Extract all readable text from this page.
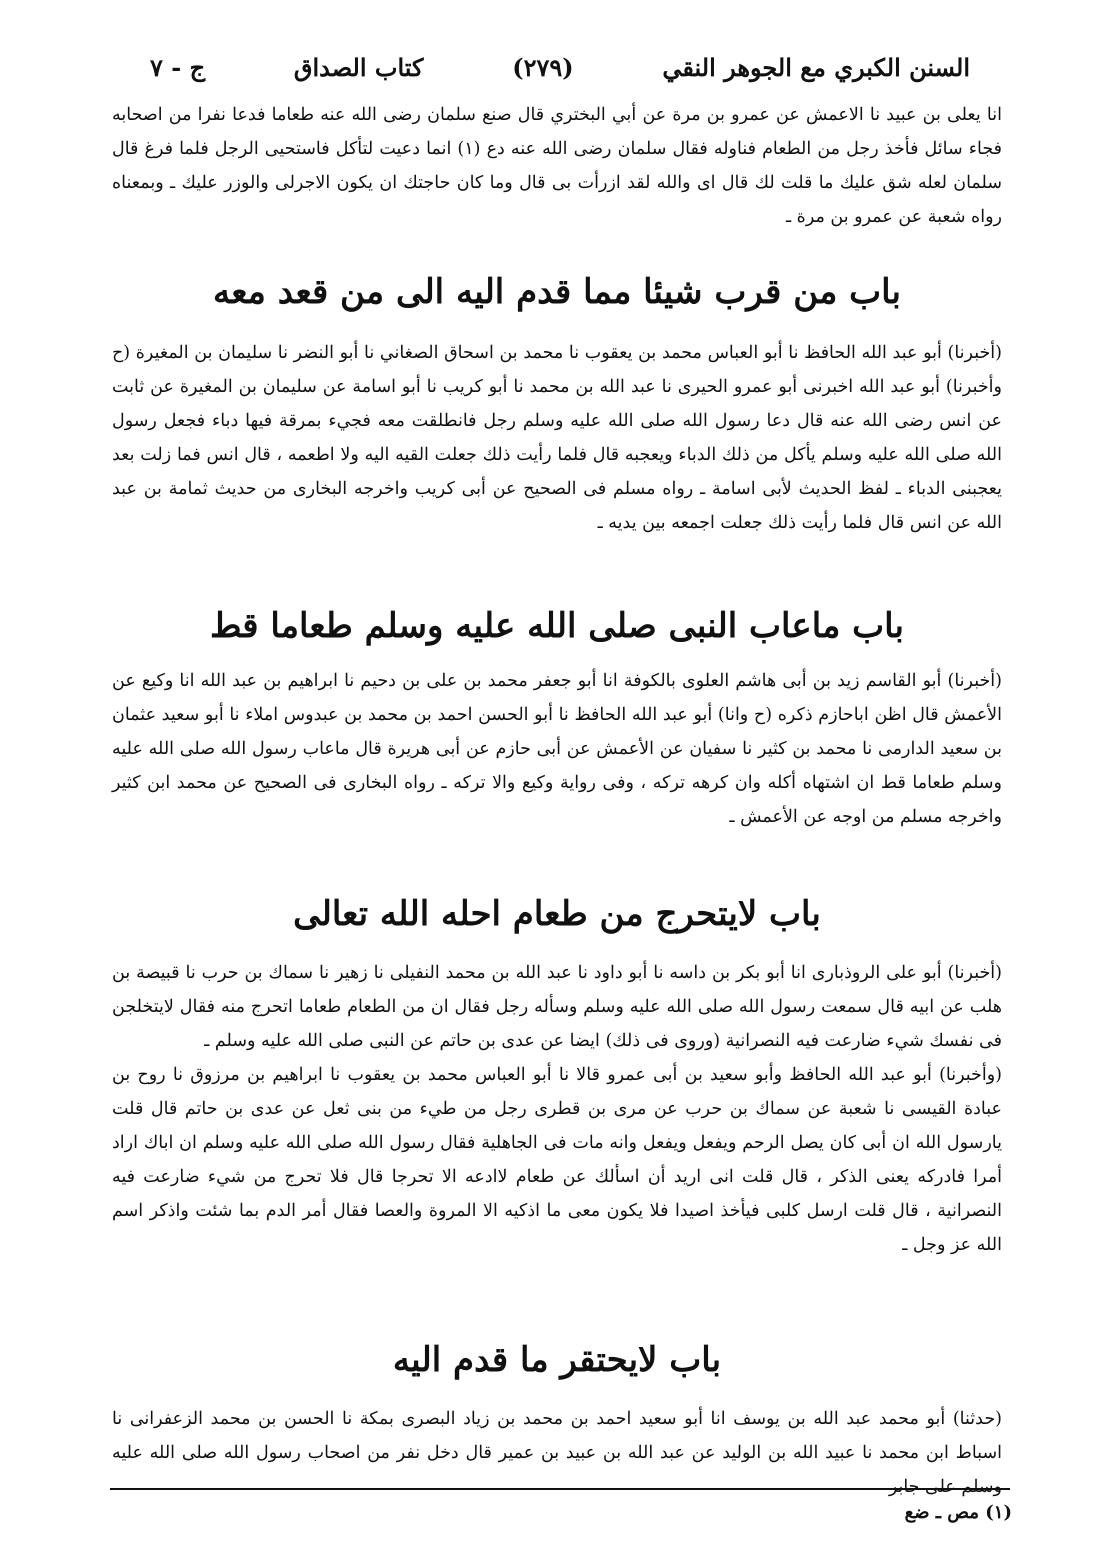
السنن الكبري مع الجوهر النقي
(٢٧٩)
كتاب الصداق
ج - ٧

انا يعلى بن عبيد نا الاعمش عن عمرو بن مرة عن أبي البختري قال صنع سلمان رضى الله عنه طعاما فدعا نفرا من اصحابه فجاء سائل فأخذ رجل من الطعام فناوله فقال سلمان رضى الله عنه دع (١) انما دعيت لتأكل فاستحيى الرجل فلما فرغ قال سلمان لعله شق عليك ما قلت لك قال اى والله لقد ازرأت بى قال وما كان حاجتك ان يكون الاجرلى والوزر عليك ـ وبمعناه رواه شعبة عن عمرو بن مرة ـ

باب من قرب شيئا مما قدم اليه الى من قعد معه

(أخبرنا) أبو عبد الله الحافظ نا أبو العباس محمد بن يعقوب نا محمد بن اسحاق الصغاني نا أبو النضر نا سليمان بن المغيرة (ح وأخبرنا) أبو عبد الله اخبرنى أبو عمرو الحيرى نا عبد الله بن محمد نا أبو كريب نا أبو اسامة عن سليمان بن المغيرة عن ثابت عن انس رضى الله عنه قال دعا رسول الله صلى الله عليه وسلم رجل فانطلقت معه فجيء بمرقة فيها دباء فجعل رسول الله صلى الله عليه وسلم يأكل من ذلك الدباء ويعجبه قال فلما رأيت ذلك جعلت القيه اليه ولا اطعمه ، قال انس فما زلت بعد يعجبنى الدباء ـ لفظ الحديث لأبى اسامة ـ رواه مسلم فى الصحيح عن أبى كريب واخرجه البخارى من حديث ثمامة بن عبد الله عن انس قال فلما رأيت ذلك جعلت اجمعه بين يديه ـ

باب ماعاب النبى صلى الله عليه وسلم طعاما قط

(أخبرنا) أبو القاسم زيد بن أبى هاشم العلوى بالكوفة انا أبو جعفر محمد بن على بن دحيم نا ابراهيم بن عبد الله انا وكيع عن الأعمش قال اظن اباحازم ذكره (ح وانا) أبو عبد الله الحافظ نا أبو الحسن احمد بن محمد بن عبدوس املاء نا أبو سعيد عثمان بن سعيد الدارمى نا محمد بن كثير نا سفيان عن الأعمش عن أبى حازم عن أبى هريرة قال ماعاب رسول الله صلى الله عليه وسلم طعاما قط ان اشتهاه أكله وان كرهه تركه ، وفى رواية وكيع والا تركه ـ رواه البخارى فى الصحيح عن محمد ابن كثير واخرجه مسلم من اوجه عن الأعمش ـ

باب لايتحرج من طعام احله الله تعالى

(أخبرنا) أبو على الروذبارى انا أبو بكر بن داسه نا أبو داود نا عبد الله بن محمد النفيلى نا زهير نا سماك بن حرب نا قبيصة بن هلب عن ابيه قال سمعت رسول الله صلى الله عليه وسلم وسأله رجل فقال ان من الطعام طعاما اتحرج منه فقال لايتخلجن فى نفسك شيء ضارعت فيه النصرانية (وروى فى ذلك) ايضا عن عدى بن حاتم عن النبى صلى الله عليه وسلم ـ

(وأخبرنا) أبو عبد الله الحافظ وأبو سعيد بن أبى عمرو قالا نا أبو العباس محمد بن يعقوب نا ابراهيم بن مرزوق نا روح بن عبادة القيسى نا شعبة عن سماك بن حرب عن مرى بن قطرى رجل من طيء من بنى ثعل عن عدى بن حاتم قال قلت يارسول الله ان أبى كان يصل الرحم ويفعل ويفعل وانه مات فى الجاهلية فقال رسول الله صلى الله عليه وسلم ان اباك اراد أمرا فادركه يعنى الذكر ، قال قلت انى اريد أن اسألك عن طعام لاادعه الا تحرجا قال فلا تحرج من شيء ضارعت فيه النصرانية ، قال قلت ارسل كلبى فيأخذ اصيدا فلا يكون معى ما اذكيه الا المروة والعصا فقال أمر الدم بما شئت واذكر اسم الله عز وجل ـ

باب لايحتقر ما قدم اليه

(حدثنا) أبو محمد عبد الله بن يوسف انا أبو سعيد احمد بن محمد بن زياد البصرى بمكة نا الحسن بن محمد الزعفرانى نا اسباط ابن محمد نا عبيد الله بن الوليد عن عبد الله بن عبيد بن عمير قال دخل نفر من اصحاب رسول الله صلى الله عليه وسلم على جابر

(١) مص ـ ضع
